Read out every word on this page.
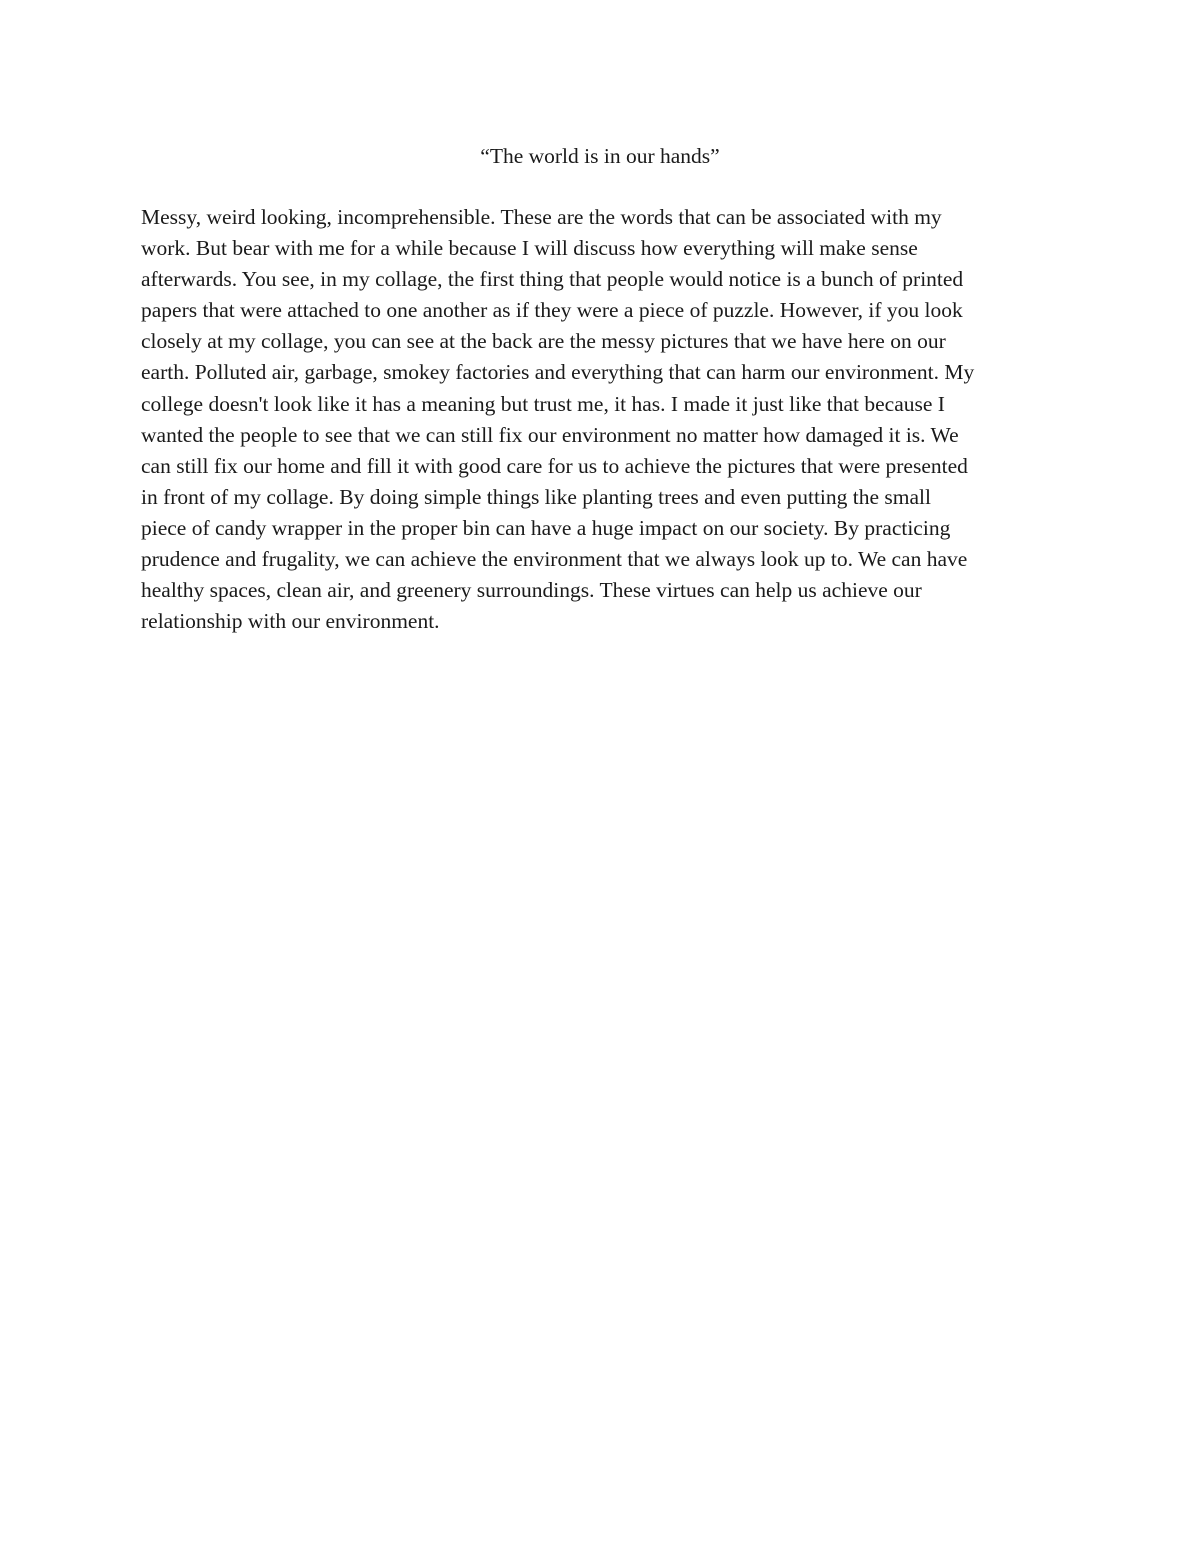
“The world is in our hands”
Messy, weird looking, incomprehensible. These are the words that can be associated with my
work. But bear with me for a while because I will discuss how everything will make sense
afterwards. You see, in my collage, the first thing that people would notice is a bunch of printed
papers that were attached to one another as if they were a piece of puzzle. However, if you look
closely at my collage, you can see at the back are the messy pictures that we have here on our
earth. Polluted air, garbage, smokey factories and everything that can harm our environment. My
college doesn't look like it has a meaning but trust me, it has. I made it just like that because I
wanted the people to see that we can still fix our environment no matter how damaged it is. We
can still fix our home and fill it with good care for us to achieve the pictures that were presented
in front of my collage. By doing simple things like planting trees and even putting the small
piece of candy wrapper in the proper bin can have a huge impact on our society. By practicing
prudence and frugality, we can achieve the environment that we always look up to. We can have
healthy spaces, clean air, and greenery surroundings. These virtues can help us achieve our
relationship with our environment.
